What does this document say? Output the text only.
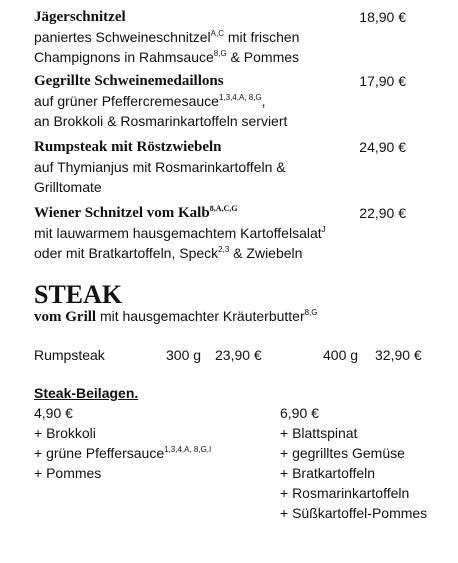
Jägerschnitzel	18,90 €
paniertes Schweineschnitzel$^{A,C}$ mit frischen
Champignons in Rahmsauce$^{8,G}$ & Pommes
Gegrillte Schweinemedaillons	17,90 €
auf grüner Pfeffercremesauce$^{1,3,4,A, 8,G}$,
an Brokkoli & Rosmarinkartoffeln serviert
Rumpsteak mit Röstzwiebeln	24,90 €
auf Thymianjus mit Rosmarinkartoffeln &
Grilltomate
Wiener Schnitzel vom Kalb$^{8,A,C,G}$	22,90 €
mit lauwarmem hausgemachtem Kartoffelsalat$^J$
oder mit Bratkartoffeln, Speck$^{2,3}$ & Zwiebeln
STEAK
vom Grill mit hausgemachter Kräuterbutter$^{8,G}$
Rumpsteak	300 g 23,90 €	400 g 32,90 €
Steak-Beilagen.
4,90 €
+ Brokkoli
+ grüne Pfeffersauce$^{1,3,4,A, 8,G,I}$
+ Pommes
6,90 €
+ Blattspinat
+ gegrilltes Gemüse
+ Bratkartoffeln
+ Rosmarinkartoffeln
+ Süßkartoffel-Pommes
